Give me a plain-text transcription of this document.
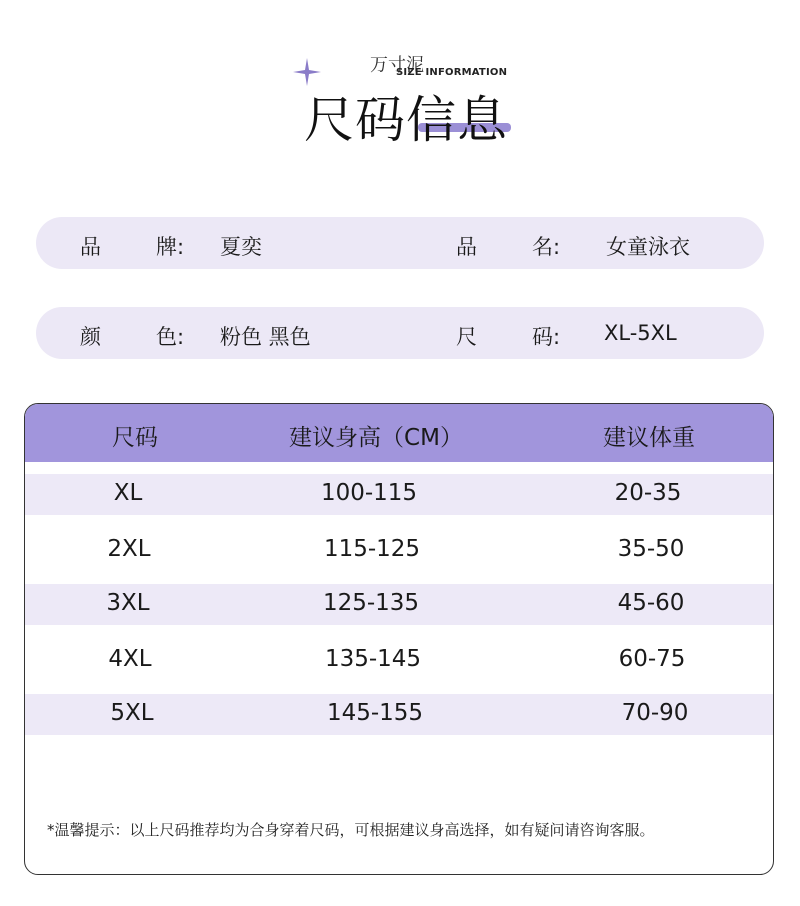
万寸泥
SIZE INFORMATION
尺码信息
品	牌: 夏奕	品	名: 女童泳衣
颜	色: 粉色 黑色	尺	码: XL-5XL
尺码	建议身高（CM）	建议体重
XL	100-115	20-35
2XL	115-125	35-50
3XL	125-135	45-60
4XL	135-145	60-75
5XL	145-155	70-90
*温馨提示：以上尺码推荐均为合身穿着尺码，可根据建议身高选择，如有疑问请咨询客服。
